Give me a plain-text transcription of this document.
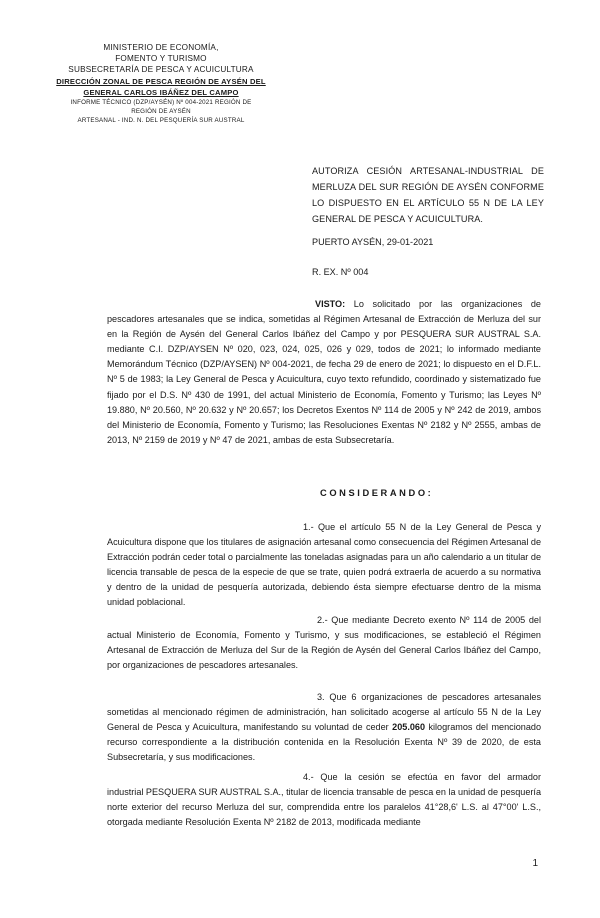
MINISTERIO DE ECONOMÍA,
FOMENTO Y TURISMO
SUBSECRETARÍA DE PESCA Y ACUICULTURA
DIRECCIÓN ZONAL DE PESCA REGIÓN DE AYSÉN DEL
GENERAL CARLOS IBÁÑEZ DEL CAMPO
INFORME TÉCNICO (DZP/AYSÉN) Nº 004-2021 REGIÓN DE
REGIÓN DE AYSÉN
ARTESANAL - IND. N. DEL PESQUERÍA SUR AUSTRAL
AUTORIZA CESIÓN ARTESANAL-INDUSTRIAL DE MERLUZA DEL SUR REGIÓN DE AYSÉN CONFORME LO DISPUESTO EN EL ARTÍCULO 55 N DE LA LEY GENERAL DE PESCA Y ACUICULTURA.
PUERTO AYSÉN, 29-01-2021
R. EX. Nº 004
VISTO: Lo solicitado por las organizaciones de pescadores artesanales que se indica, sometidas al Régimen Artesanal de Extracción de Merluza del sur en la Región de Aysén del General Carlos Ibáñez del Campo y por PESQUERA SUR AUSTRAL S.A. mediante C.I. DZP/AYSEN Nº 020, 023, 024, 025, 026 y 029, todos de 2021; lo informado mediante Memorándum Técnico (DZP/AYSEN) Nº 004-2021, de fecha 29 de enero de 2021; lo dispuesto en el D.F.L. Nº 5 de 1983; la Ley General de Pesca y Acuicultura, cuyo texto refundido, coordinado y sistematizado fue fijado por el D.S. Nº 430 de 1991, del actual Ministerio de Economía, Fomento y Turismo; las Leyes Nº 19.880, Nº 20.560, Nº 20.632 y Nº 20.657; los Decretos Exentos Nº 114 de 2005 y Nº 242 de 2019, ambos del Ministerio de Economía, Fomento y Turismo; las Resoluciones Exentas Nº 2182 y Nº 2555, ambas de 2013, Nº 2159 de 2019 y Nº 47 de 2021, ambas de esta Subsecretaría.
CONSIDERANDO:
1.- Que el artículo 55 N de la Ley General de Pesca y Acuicultura dispone que los titulares de asignación artesanal como consecuencia del Régimen Artesanal de Extracción podrán ceder total o parcialmente las toneladas asignadas para un año calendario a un titular de licencia transable de pesca de la especie de que se trate, quien podrá extraerla de acuerdo a su normativa y dentro de la unidad de pesquería autorizada, debiendo ésta siempre efectuarse dentro de la misma unidad poblacional.
2.- Que mediante Decreto exento Nº 114 de 2005 del actual Ministerio de Economía, Fomento y Turismo, y sus modificaciones, se estableció el Régimen Artesanal de Extracción de Merluza del Sur de la Región de Aysén del General Carlos Ibáñez del Campo, por organizaciones de pescadores artesanales.
3. Que 6 organizaciones de pescadores artesanales sometidas al mencionado régimen de administración, han solicitado acogerse al artículo 55 N de la Ley General de Pesca y Acuicultura, manifestando su voluntad de ceder 205.060 kilogramos del mencionado recurso correspondiente a la distribución contenida en la Resolución Exenta Nº 39 de 2020, de esta Subsecretaría, y sus modificaciones.
4.- Que la cesión se efectúa en favor del armador industrial PESQUERA SUR AUSTRAL S.A., titular de licencia transable de pesca en la unidad de pesquería norte exterior del recurso Merluza del sur, comprendida entre los paralelos 41°28,6' L.S. al 47°00' L.S., otorgada mediante Resolución Exenta Nº 2182 de 2013, modificada mediante
1
